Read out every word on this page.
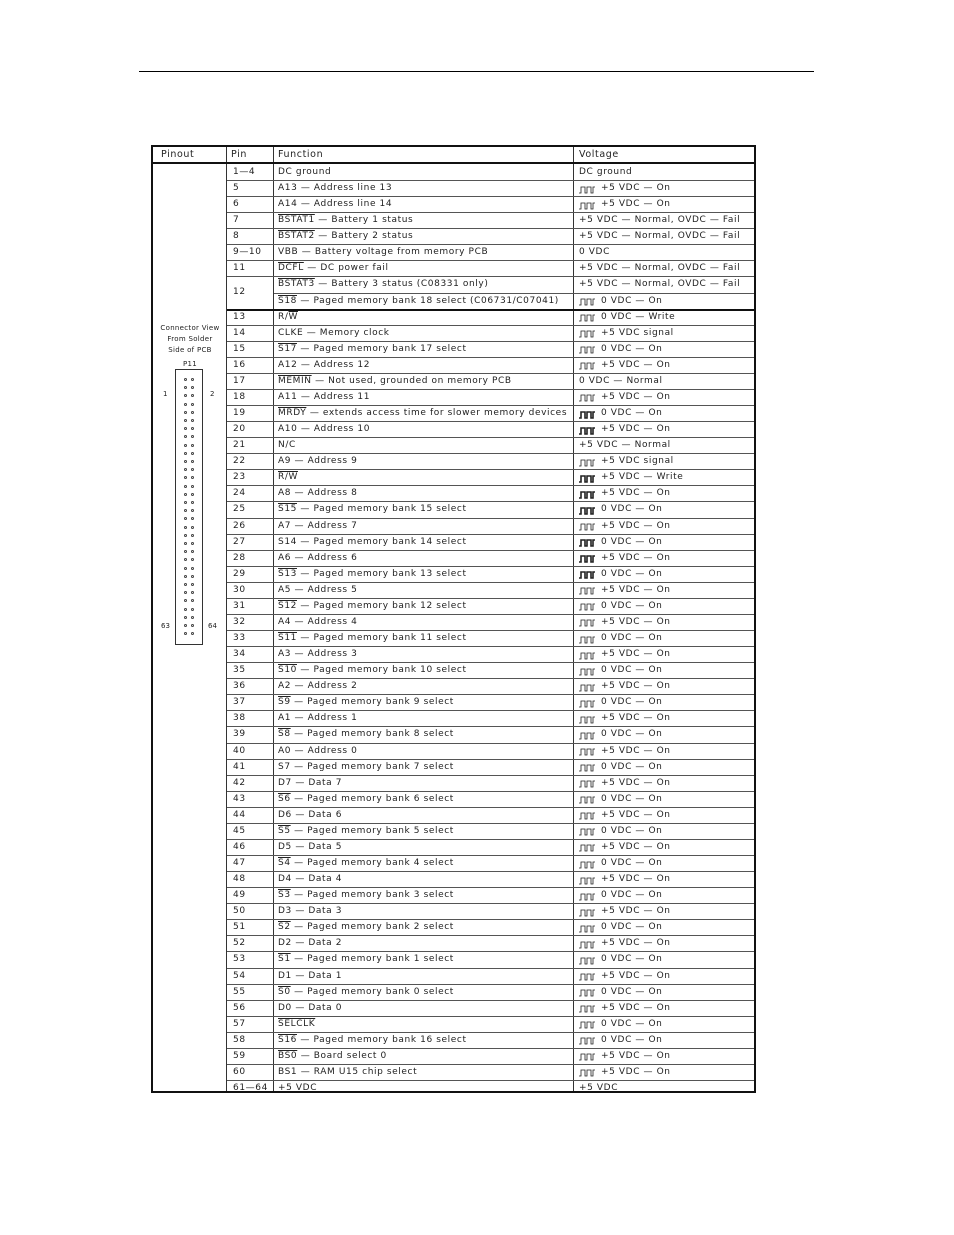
Pinout	Pin	Function	Voltage
Connector View
From Solder
Side of PCB
P11
1	2
63	64
1—4	DC ground	DC ground
5	A13 — Address line 13	+5 VDC — On
6	A14 — Address line 14	+5 VDC — On
7	BSTAT1 — Battery 1 status	+5 VDC — Normal, OVDC — Fail
8	BSTAT2 — Battery 2 status	+5 VDC — Normal, OVDC — Fail
9—10 VBB — Battery voltage from memory PCB	0 VDC
11	DCFL — DC power fail	+5 VDC — Normal, OVDC — Fail
12
BSTAT3 — Battery 3 status (C08331 only)	+5 VDC — Normal, OVDC — Fail
S18 — Paged memory bank 18 select (C06731/C07041)	0 VDC — On
13	$R/\overline{W}$	0 VDC — Write
14	CLKE — Memory clock	+5 VDC signal
15	S17 — Paged memory bank 17 select	0 VDC — On
16	A12 — Address 12	+5 VDC — On
17	MEMIN — Not used, grounded on memory PCB	0 VDC — Normal
18	A11 — Address 11	+5 VDC — On
19	MRDY — extends access time for slower memory devices	0 VDC — On
20	A10 — Address 10	+5 VDC — On
21	N/C	+5 VDC — Normal
22	A9 — Address 9	+5 VDC signal
23	R/W	+5 VDC — Write
24	A8 — Address 8	+5 VDC — On
25	S15 — Paged memory bank 15 select	0 VDC — On
26	A7 — Address 7	+5 VDC — On
27	S14 — Paged memory bank 14 select	0 VDC — On
28	A6 — Address 6	+5 VDC — On
29	S13 — Paged memory bank 13 select	0 VDC — On
30	A5 — Address 5	+5 VDC — On
31	S12 — Paged memory bank 12 select	0 VDC — On
32	A4 — Address 4	+5 VDC — On
33	S11 — Paged memory bank 11 select	0 VDC — On
34	A3 — Address 3	+5 VDC — On
35	S10 — Paged memory bank 10 select	0 VDC — On
36	A2 — Address 2	+5 VDC — On
37	S9 — Paged memory bank 9 select	0 VDC — On
38	A1 — Address 1	+5 VDC — On
39	S8 — Paged memory bank 8 select	0 VDC — On
40	A0 — Address 0	+5 VDC — On
41	S7 — Paged memory bank 7 select	0 VDC — On
42	D7 — Data 7	+5 VDC — On
43	S6 — Paged memory bank 6 select	0 VDC — On
44	D6 — Data 6	+5 VDC — On
45	S5 — Paged memory bank 5 select	0 VDC — On
46	D5 — Data 5	+5 VDC — On
47	S4 — Paged memory bank 4 select	0 VDC — On
48	D4 — Data 4	+5 VDC — On
49	S3 — Paged memory bank 3 select	0 VDC — On
50	D3 — Data 3	+5 VDC — On
51	S2 — Paged memory bank 2 select	0 VDC — On
52	D2 — Data 2	+5 VDC — On
53	S1 — Paged memory bank 1 select	0 VDC — On
54	D1 — Data 1	+5 VDC — On
55	S0 — Paged memory bank 0 select	0 VDC — On
56	D0 — Data 0	+5 VDC — On
57	SELCLK	0 VDC — On
58	S16 — Paged memory bank 16 select	0 VDC — On
59	BS0 — Board select 0	+5 VDC — On
60	BS1 — RAM U15 chip select	+5 VDC — On
61—64 +5 VDC	+5 VDC
